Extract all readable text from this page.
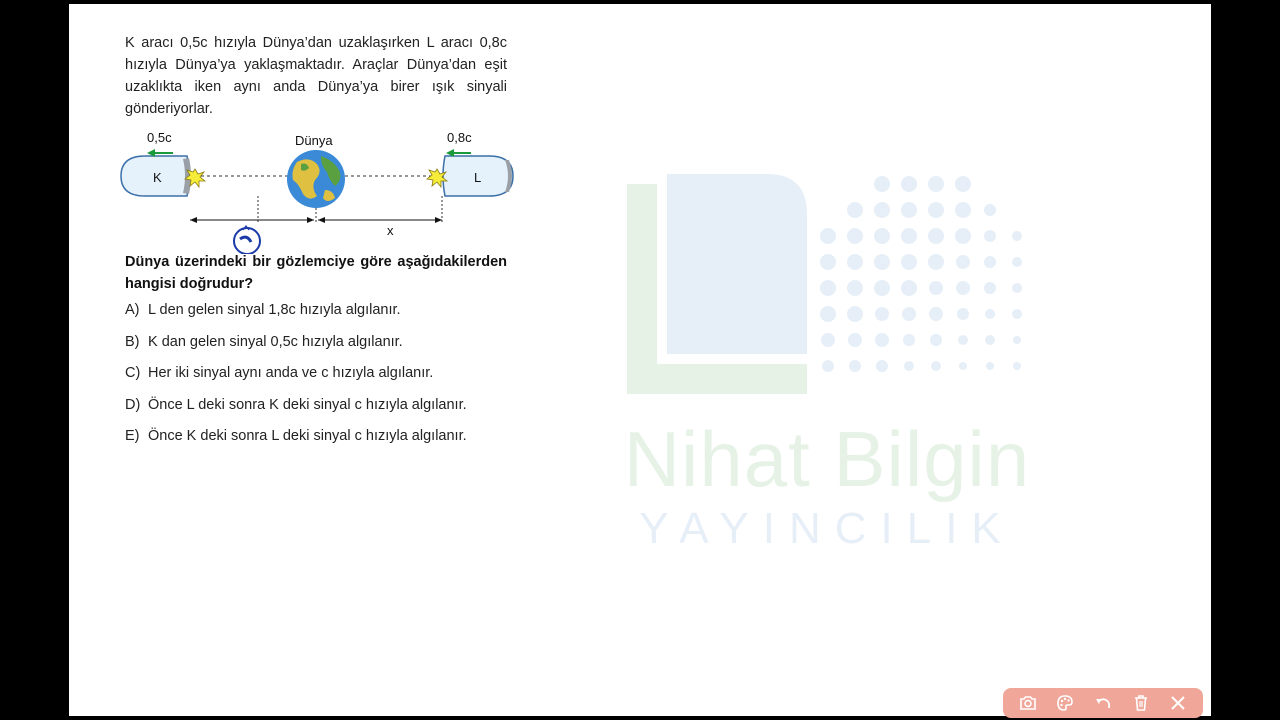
Nihat Bilgin
YAYINCILIK
K aracı 0,5c hızıyla Dünya’dan uzaklaşırken L aracı 0,8c hızıyla Dünya’ya yaklaşmaktadır. Araçlar Dünya’dan eşit uzaklıkta iken aynı anda Dünya’ya birer ışık sinyali gönderiyorlar.
K
0,5c	Dünya
L
0,8c
x
Dünya üzerindeki bir gözlemciye göre aşağıdakilerden hangisi doğrudur?
A) L den gelen sinyal 1,8c hızıyla algılanır.
B) K dan gelen sinyal 0,5c hızıyla algılanır.
C) Her iki sinyal aynı anda ve c hızıyla algılanır.
D) Önce L deki sonra K deki sinyal c hızıyla algılanır.
E) Önce K deki sonra L deki sinyal c hızıyla algılanır.
